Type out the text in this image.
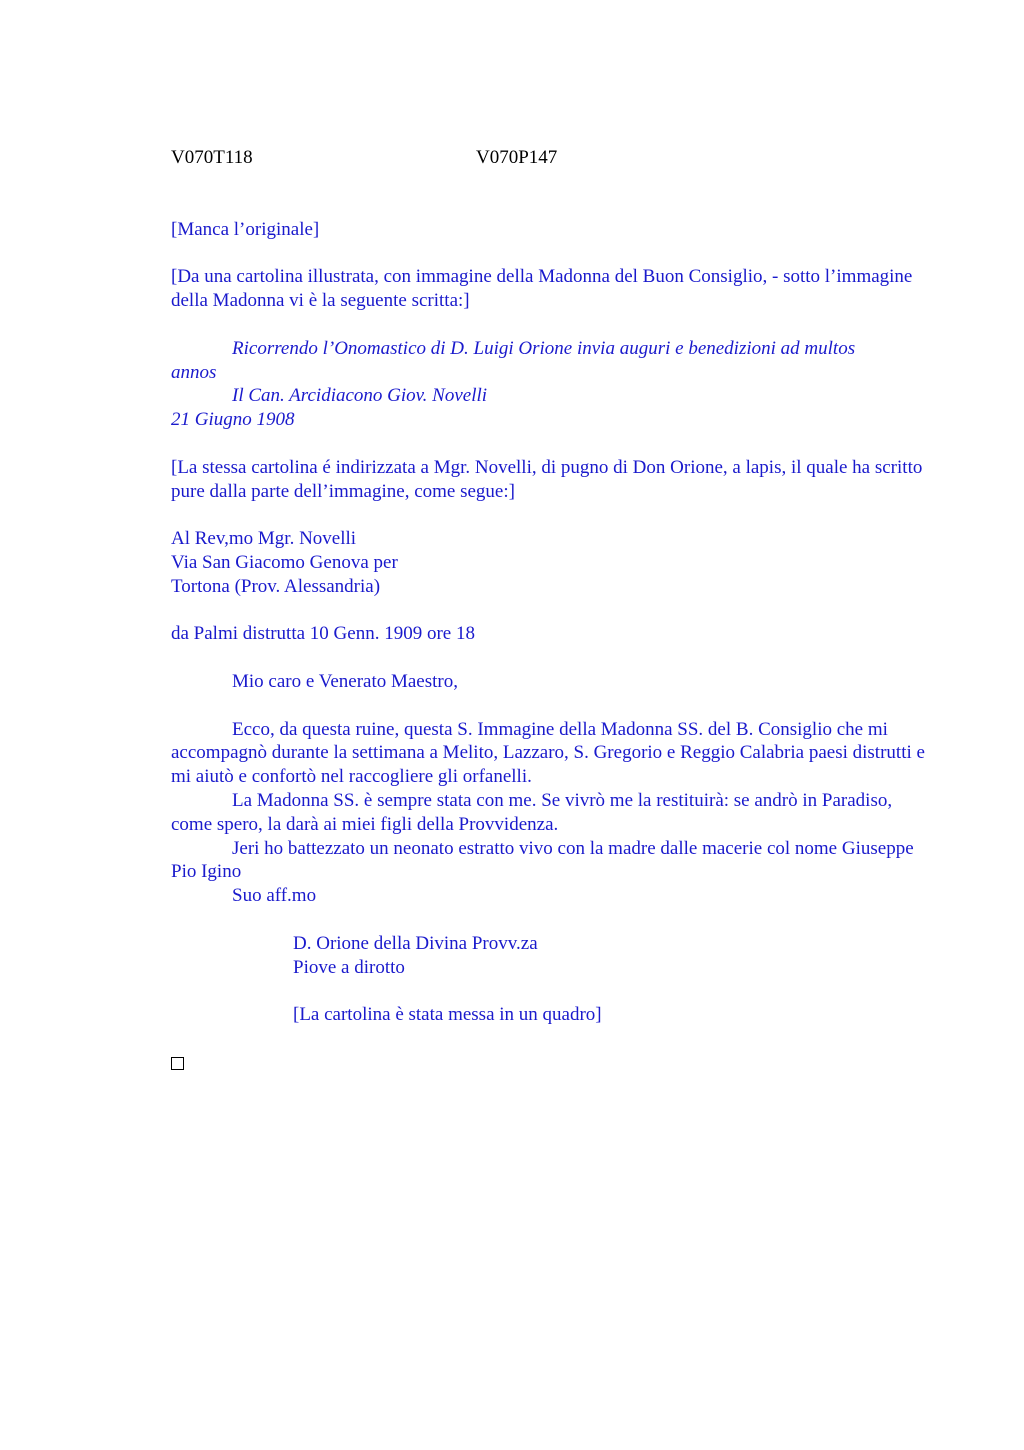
V070T118	V070P147

[Manca l’originale]

[Da una cartolina illustrata, con immagine della Madonna del Buon Consiglio, - sotto l’immagine della Madonna vi è la seguente scritta:]

Ricorrendo l’Onomastico di D. Luigi Orione invia auguri e benedizioni ad multos

annos

Il Can. Arcidiacono Giov. Novelli

21 Giugno 1908

[La stessa cartolina é indirizzata a Mgr. Novelli, di pugno di Don Orione, a lapis, il quale ha scritto pure dalla parte dell’immagine, come segue:]

Al Rev,mo Mgr. Novelli

Via San Giacomo Genova per

Tortona (Prov. Alessandria)

da Palmi distrutta 10 Genn. 1909 ore 18

Mio caro e Venerato Maestro,

Ecco, da questa ruine, questa S. Immagine della Madonna SS. del B. Consiglio che mi accompagnò durante la settimana a Melito, Lazzaro, S. Gregorio e Reggio Calabria paesi distrutti e mi aiutò e confortò nel raccogliere gli orfanelli.

La Madonna SS. è sempre stata con me. Se vivrò me la restituirà: se andrò in Paradiso, come spero, la darà ai miei figli della Provvidenza.

Jeri ho battezzato un neonato estratto vivo con la madre dalle macerie col nome Giuseppe Pio Igino

Suo aff.mo

D. Orione della Divina Provv.za

Piove a dirotto

[La cartolina è stata messa in un quadro]
